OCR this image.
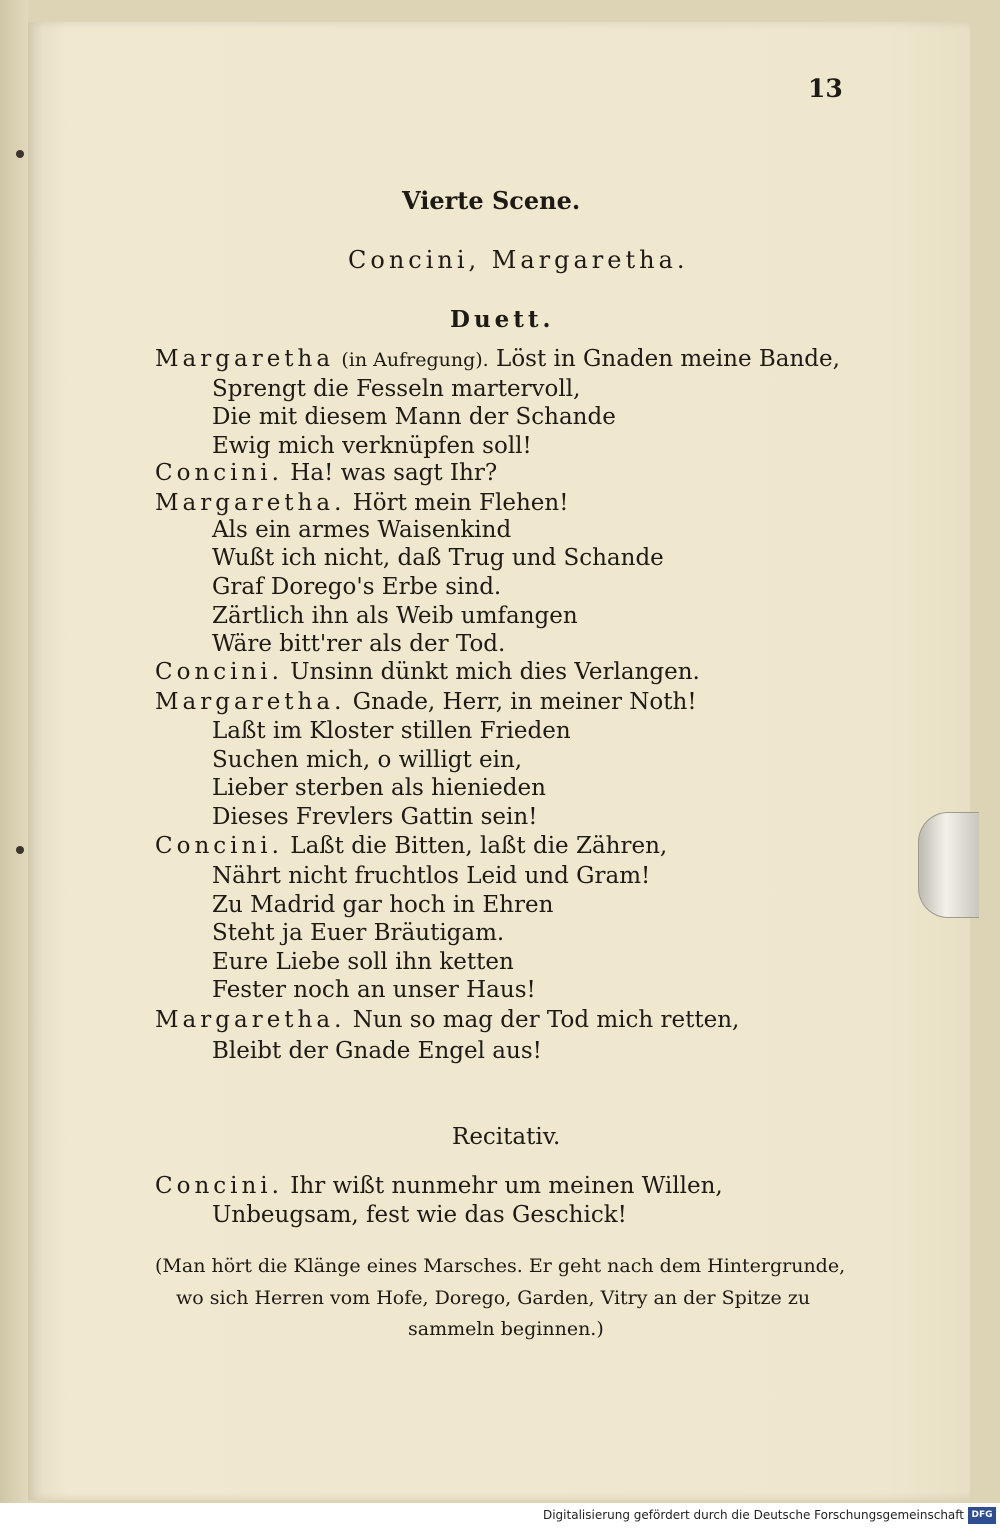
13
Vierte Scene.
Concini, Margaretha.
Duett.
Margaretha (in Aufregung). Löst in Gnaden meine Bande,
Sprengt die Fesseln martervoll,
Die mit diesem Mann der Schande
Ewig mich verknüpfen soll!
Concini. Ha! was sagt Ihr?
Margaretha. Hört mein Flehen!
Als ein armes Waisenkind
Wußt ich nicht, daß Trug und Schande
Graf Dorego's Erbe sind.
Zärtlich ihn als Weib umfangen
Wäre bitt'rer als der Tod.
Concini. Unsinn dünkt mich dies Verlangen.
Margaretha. Gnade, Herr, in meiner Noth!
Laßt im Kloster stillen Frieden
Suchen mich, o willigt ein,
Lieber sterben als hienieden
Dieses Frevlers Gattin sein!
Concini. Laßt die Bitten, laßt die Zähren,
Nährt nicht fruchtlos Leid und Gram!
Zu Madrid gar hoch in Ehren
Steht ja Euer Bräutigam.
Eure Liebe soll ihn ketten
Fester noch an unser Haus!
Margaretha. Nun so mag der Tod mich retten,
Bleibt der Gnade Engel aus!
Recitativ.
Concini. Ihr wißt nunmehr um meinen Willen,
Unbeugsam, fest wie das Geschick!
(Man hört die Klänge eines Marsches. Er geht nach dem Hintergrunde,
wo sich Herren vom Hofe, Dorego, Garden, Vitry an der Spitze zu
sammeln beginnen.)
Digitalisierung gefördert durch die Deutsche Forschungsgemeinschaft DFG
